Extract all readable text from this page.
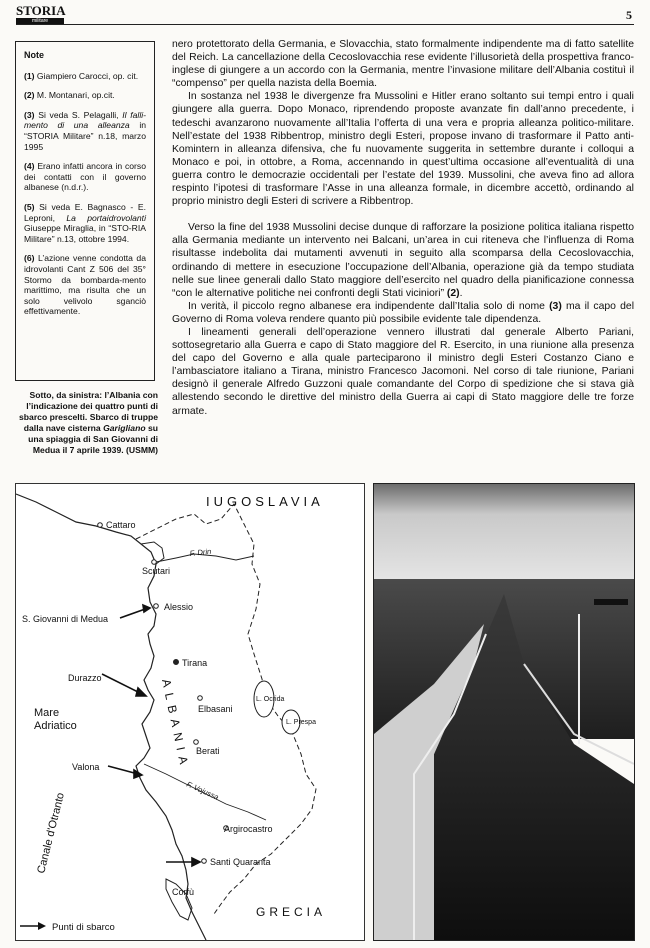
STORIA
militare	5
Note
(1) Giampiero Carocci, op. cit.
(2) M. Montanari, op.cit.
(3) Si veda S. Pelagalli, Il falli-mento di una alleanza in “STORIA Militare” n.18, marzo 1995
(4) Erano infatti ancora in corso dei contatti con il governo albanese (n.d.r.).
(5) Si veda E. Bagnasco - E. Leproni, La portaidrovolanti Giuseppe Miraglia, in “STO-RIA Militare” n.13, ottobre 1994.
(6) L’azione venne condotta da idrovolanti Cant Z 506 del 35° Stormo da bombarda-mento marittimo, ma risulta che un solo velivolo sganciò effettivamente.
Sotto, da sinistra: l’Albania con l’indicazione dei quattro punti di sbarco prescelti. Sbarco di truppe dalla nave cisterna Garigliano su una spiaggia di San Giovanni di Medua il 7 aprile 1939. (USMM)

nero protettorato della Germania, e Slovacchia, stato formalmente indipendente ma di fatto satellite del Reich. La cancellazione della Cecoslovacchia rese evidente l’illusorietà della prospettiva franco-inglese di giungere a un accordo con la Germania, mentre l’invasione militare dell’Albania costituì il “compenso” per quella nazista della Boemia.

In sostanza nel 1938 le divergenze fra Mussolini e Hitler erano soltanto sui tempi entro i quali giungere alla guerra. Dopo Monaco, riprendendo proposte avanzate fin dall’anno precedente, i tedeschi avanzarono nuovamente all’Italia l’offerta di una vera e propria alleanza politico-militare. Nell’estate del 1938 Ribbentrop, ministro degli Esteri, propose invano di trasformare il Patto anti-Komintern in alleanza difensiva, che fu nuovamente suggerita in settembre durante i colloqui a Monaco e poi, in ottobre, a Roma, accennando in quest’ultima occasione all’eventualità di una guerra contro le democrazie occidentali per l’estate del 1939. Mussolini, che aveva fino ad allora respinto l’ipotesi di trasformare l’Asse in una alleanza formale, in dicembre accettò, ordinando al proprio ministro degli Esteri di scrivere a Ribbentrop.

Verso la fine del 1938 Mussolini decise dunque di rafforzare la posizione politica italiana rispetto alla Germania mediante un intervento nei Balcani, un’area in cui riteneva che l’influenza di Roma risultasse indebolita dai mutamenti avvenuti in seguito alla scomparsa della Cecoslovacchia, ordinando di mettere in esecuzione l’occupazione dell’Albania, operazione già da tempo studiata nelle sue linee generali dallo Stato maggiore dell’esercito nel quadro della pianificazione connessa “con le alternative politiche nei confronti degli Stati viciniori” (2).

In verità, il piccolo regno albanese era indipendente dall’Italia solo di nome (3) ma il capo del Governo di Roma voleva rendere quanto più possibile evidente tale dipendenza.

I lineamenti generali dell’operazione vennero illustrati dal generale Alberto Pariani, sottosegretario alla Guerra e capo di Stato maggiore del R. Esercito, in una riunione alla presenza del capo del Governo e alla quale parteciparono il ministro degli Esteri Costanzo Ciano e l’ambasciatore italiano a Tirana, ministro Francesco Jacomoni. Nel corso di tale riunione, Pariani designò il generale Alfredo Guzzoni quale comandante del Corpo di spedizione che si stava già allestendo secondo le direttive del ministro della Guerra ai capi di Stato maggiore delle tre forze armate.

IUGOSLAVIA
GRECIA
ALBANIA
Mare
Adriatico
Canale d'Otranto
F. Drin
F. Vojussa
L. Ocrida
L. Prespa
Cattaro
Scutari
Alessio
S. Giovanni di Medua
Tirana
Durazzo
Elbasani
Berati
Valona
Argirocastro
Santi Quaranta
Corfù
Punti di sbarco
